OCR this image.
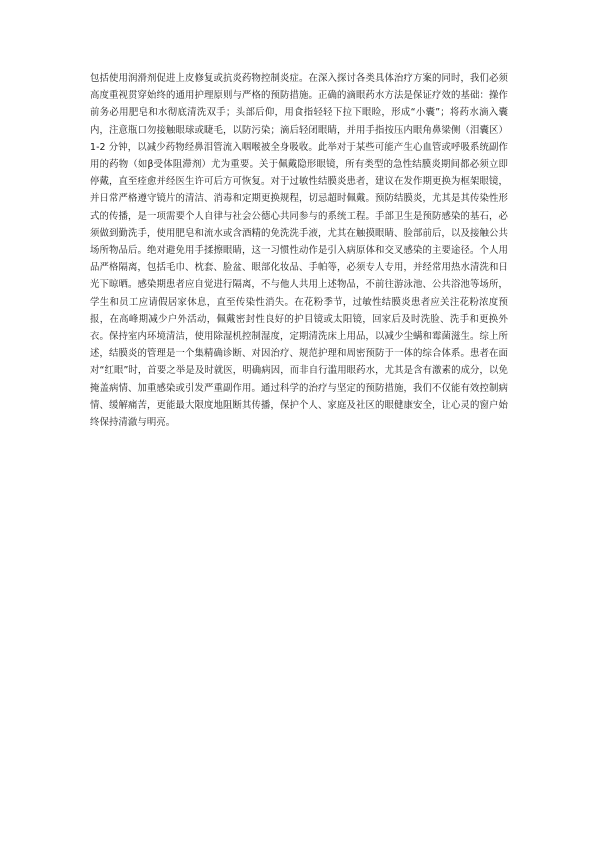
包括使用润滑剂促进上皮修复或抗炎药物控制炎症。在深入探讨各类具体治疗方案的同时，我们必须高度重视贯穿始终的通用护理原则与严格的预防措施。正确的滴眼药水方法是保证疗效的基础：操作前务必用肥皂和水彻底清洗双手；头部后仰，用食指轻轻下拉下眼睑，形成“小囊”；将药水滴入囊内，注意瓶口勿接触眼球或睫毛，以防污染；滴后轻闭眼睛，并用手指按压内眼角鼻梁侧（泪囊区）1-2 分钟，以减少药物经鼻泪管流入咽喉被全身吸收。此举对于某些可能产生心血管或呼吸系统副作用的药物（如β受体阻滞剂）尤为重要。关于佩戴隐形眼镜，所有类型的急性结膜炎期间都必须立即停戴，直至痊愈并经医生许可后方可恢复。对于过敏性结膜炎患者，建议在发作期更换为框架眼镜，并日常严格遵守镜片的清洁、消毒和定期更换规程，切忌超时佩戴。预防结膜炎，尤其是其传染性形式的传播，是一项需要个人自律与社会公德心共同参与的系统工程。手部卫生是预防感染的基石，必须做到勤洗手，使用肥皂和流水或含酒精的免洗洗手液，尤其在触摸眼睛、脸部前后，以及接触公共场所物品后。绝对避免用手揉擦眼睛，这一习惯性动作是引入病原体和交叉感染的主要途径。个人用品严格隔离，包括毛巾、枕套、脸盆、眼部化妆品、手帕等，必须专人专用，并经常用热水清洗和日光下晾晒。感染期患者应自觉进行隔离，不与他人共用上述物品，不前往游泳池、公共浴池等场所，学生和员工应请假居家休息，直至传染性消失。在花粉季节，过敏性结膜炎患者应关注花粉浓度预报，在高峰期减少户外活动，佩戴密封性良好的护目镜或太阳镜，回家后及时洗脸、洗手和更换外衣。保持室内环境清洁，使用除湿机控制湿度，定期清洗床上用品，以减少尘螨和霉菌滋生。综上所述，结膜炎的管理是一个集精确诊断、对因治疗、规范护理和周密预防于一体的综合体系。患者在面对“红眼”时，首要之举是及时就医，明确病因，而非自行滥用眼药水，尤其是含有激素的成分，以免掩盖病情、加重感染或引发严重副作用。通过科学的治疗与坚定的预防措施，我们不仅能有效控制病情、缓解痛苦，更能最大限度地阻断其传播，保护个人、家庭及社区的眼健康安全，让心灵的窗户始终保持清澈与明亮。
